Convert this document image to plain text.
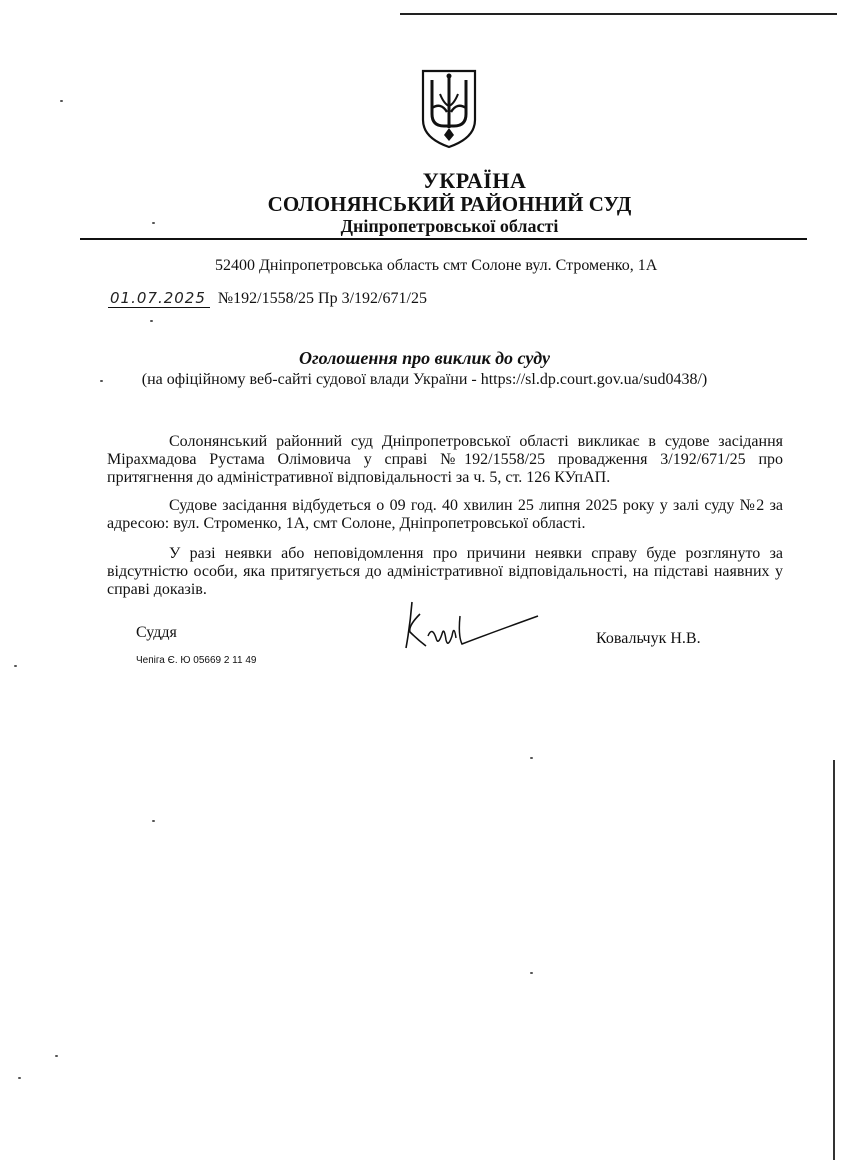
УКРАЇНА
СОЛОНЯНСЬКИЙ РАЙОННИЙ СУД
Дніпропетровської області
52400 Дніпропетровська область смт Солоне вул. Строменко, 1А
01.07.2025 №192/1558/25 Пр 3/192/671/25
Оголошення про виклик до суду
(на офіційному веб-сайті судової влади України - https://sl.dp.court.gov.ua/sud0438/)

Солонянський районний суд Дніпропетровської області викликає в судове засідання Мірахмадова Рустама Олімовича у справі №192/1558/25 провадження 3/192/671/25 про притягнення до адміністративної відповідальності за ч. 5, ст. 126 КУпАП.

Судове засідання відбудеться о 09 год. 40 хвилин 25 липня 2025 року у залі суду №2 за адресою: вул. Строменко, 1А, смт Солоне, Дніпропетровської області.

У разі неявки або неповідомлення про причини неявки справу буде розглянуто за відсутністю особи, яка притягується до адміністративної відповідальності, на підставі наявних у справі доказів.

Суддя	Ковальчук Н.В.
Чепіга Є. Ю 05669 2 11 49
